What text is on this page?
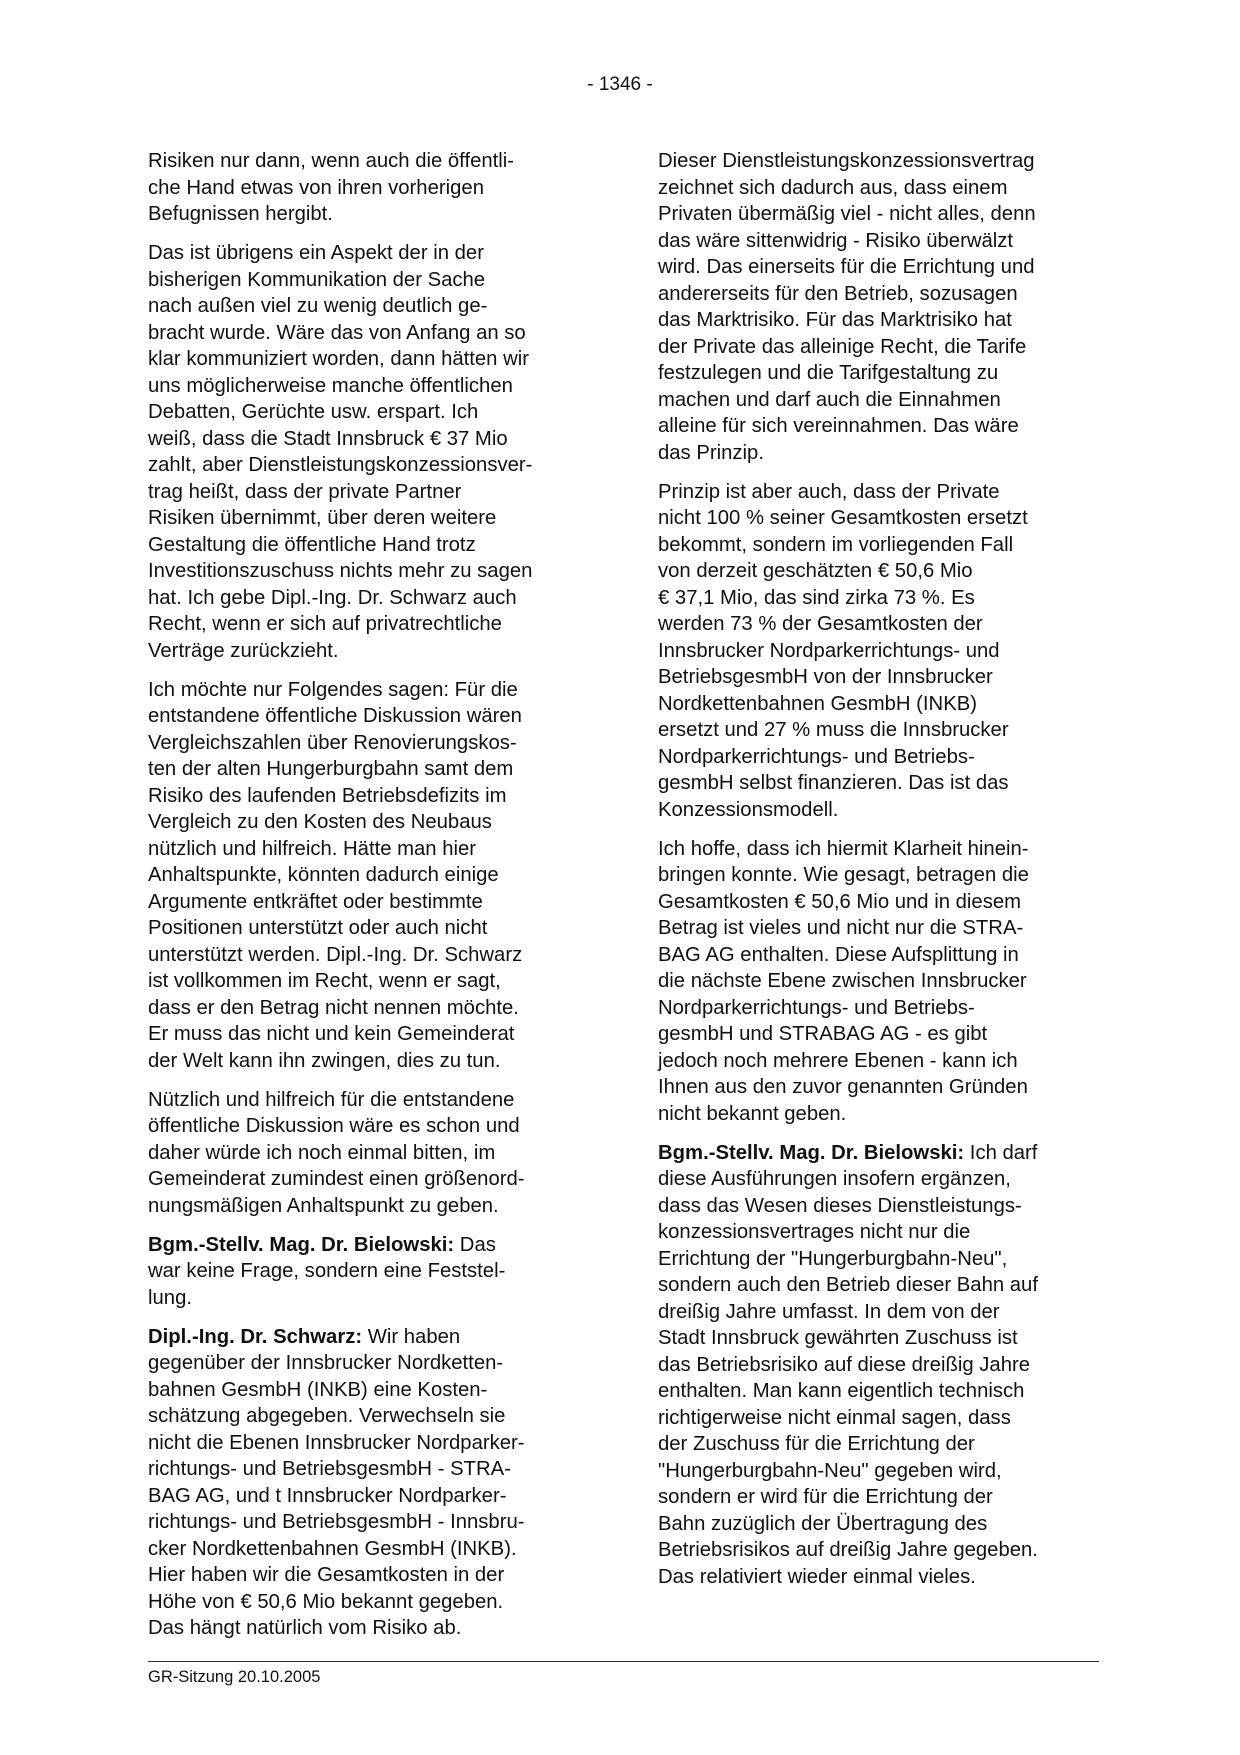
- 1346 -
Risiken nur dann, wenn auch die öffentli-
che Hand etwas von ihren vorherigen
Befugnissen hergibt.
Das ist übrigens ein Aspekt der in der
bisherigen Kommunikation der Sache
nach außen viel zu wenig deutlich ge-
bracht wurde. Wäre das von Anfang an so
klar kommuniziert worden, dann hätten wir
uns möglicherweise manche öffentlichen
Debatten, Gerüchte usw. erspart. Ich
weiß, dass die Stadt Innsbruck € 37 Mio
zahlt, aber Dienstleistungskonzessionsver-
trag heißt, dass der private Partner
Risiken übernimmt, über deren weitere
Gestaltung die öffentliche Hand trotz
Investitionszuschuss nichts mehr zu sagen
hat. Ich gebe Dipl.-Ing. Dr. Schwarz auch
Recht, wenn er sich auf privatrechtliche
Verträge zurückzieht.
Ich möchte nur Folgendes sagen: Für die
entstandene öffentliche Diskussion wären
Vergleichszahlen über Renovierungskos-
ten der alten Hungerburgbahn samt dem
Risiko des laufenden Betriebsdefizits im
Vergleich zu den Kosten des Neubaus
nützlich und hilfreich. Hätte man hier
Anhaltspunkte, könnten dadurch einige
Argumente entkräftet oder bestimmte
Positionen unterstützt oder auch nicht
unterstützt werden. Dipl.-Ing. Dr. Schwarz
ist vollkommen im Recht, wenn er sagt,
dass er den Betrag nicht nennen möchte.
Er muss das nicht und kein Gemeinderat
der Welt kann ihn zwingen, dies zu tun.
Nützlich und hilfreich für die entstandene
öffentliche Diskussion wäre es schon und
daher würde ich noch einmal bitten, im
Gemeinderat zumindest einen größenord-
nungsmäßigen Anhaltspunkt zu geben.
Bgm.-Stellv. Mag. Dr. Bielowski: Das
war keine Frage, sondern eine Feststel-
lung.
Dipl.-Ing. Dr. Schwarz: Wir haben
gegenüber der Innsbrucker Nordketten-
bahnen GesmbH (INKB) eine Kosten-
schätzung abgegeben. Verwechseln sie
nicht die Ebenen Innsbrucker Nordparker-
richtungs- und BetriebsgesmbH - STRA-
BAG AG, und t Innsbrucker Nordparker-
richtungs- und BetriebsgesmbH - Innsbru-
cker Nordkettenbahnen GesmbH (INKB).
Hier haben wir die Gesamtkosten in der
Höhe von € 50,6 Mio bekannt gegeben.
Das hängt natürlich vom Risiko ab.
Dieser Dienstleistungskonzessionsvertrag
zeichnet sich dadurch aus, dass einem
Privaten übermäßig viel - nicht alles, denn
das wäre sittenwidrig - Risiko überwälzt
wird. Das einerseits für die Errichtung und
andererseits für den Betrieb, sozusagen
das Marktrisiko. Für das Marktrisiko hat
der Private das alleinige Recht, die Tarife
festzulegen und die Tarifgestaltung zu
machen und darf auch die Einnahmen
alleine für sich vereinnahmen. Das wäre
das Prinzip.
Prinzip ist aber auch, dass der Private
nicht 100 % seiner Gesamtkosten ersetzt
bekommt, sondern im vorliegenden Fall
von derzeit geschätzten € 50,6 Mio
€ 37,1 Mio, das sind zirka 73 %. Es
werden 73 % der Gesamtkosten der
Innsbrucker Nordparkerrichtungs- und
BetriebsgesmbH von der Innsbrucker
Nordkettenbahnen GesmbH (INKB)
ersetzt und 27 % muss die Innsbrucker
Nordparkerrichtungs- und Betriebs-
gesmbH selbst finanzieren. Das ist das
Konzessionsmodell.
Ich hoffe, dass ich hiermit Klarheit hinein-
bringen konnte. Wie gesagt, betragen die
Gesamtkosten € 50,6 Mio und in diesem
Betrag ist vieles und nicht nur die STRA-
BAG AG enthalten. Diese Aufsplittung in
die nächste Ebene zwischen Innsbrucker
Nordparkerrichtungs- und Betriebs-
gesmbH und STRABAG AG - es gibt
jedoch noch mehrere Ebenen - kann ich
Ihnen aus den zuvor genannten Gründen
nicht bekannt geben.
Bgm.-Stellv. Mag. Dr. Bielowski: Ich darf
diese Ausführungen insofern ergänzen,
dass das Wesen dieses Dienstleistungs-
konzessionsvertrages nicht nur die
Errichtung der "Hungerburgbahn-Neu",
sondern auch den Betrieb dieser Bahn auf
dreißig Jahre umfasst. In dem von der
Stadt Innsbruck gewährten Zuschuss ist
das Betriebsrisiko auf diese dreißig Jahre
enthalten. Man kann eigentlich technisch
richtigerweise nicht einmal sagen, dass
der Zuschuss für die Errichtung der
"Hungerburgbahn-Neu" gegeben wird,
sondern er wird für die Errichtung der
Bahn zuzüglich der Übertragung des
Betriebsrisikos auf dreißig Jahre gegeben.
Das relativiert wieder einmal vieles.
GR-Sitzung 20.10.2005
